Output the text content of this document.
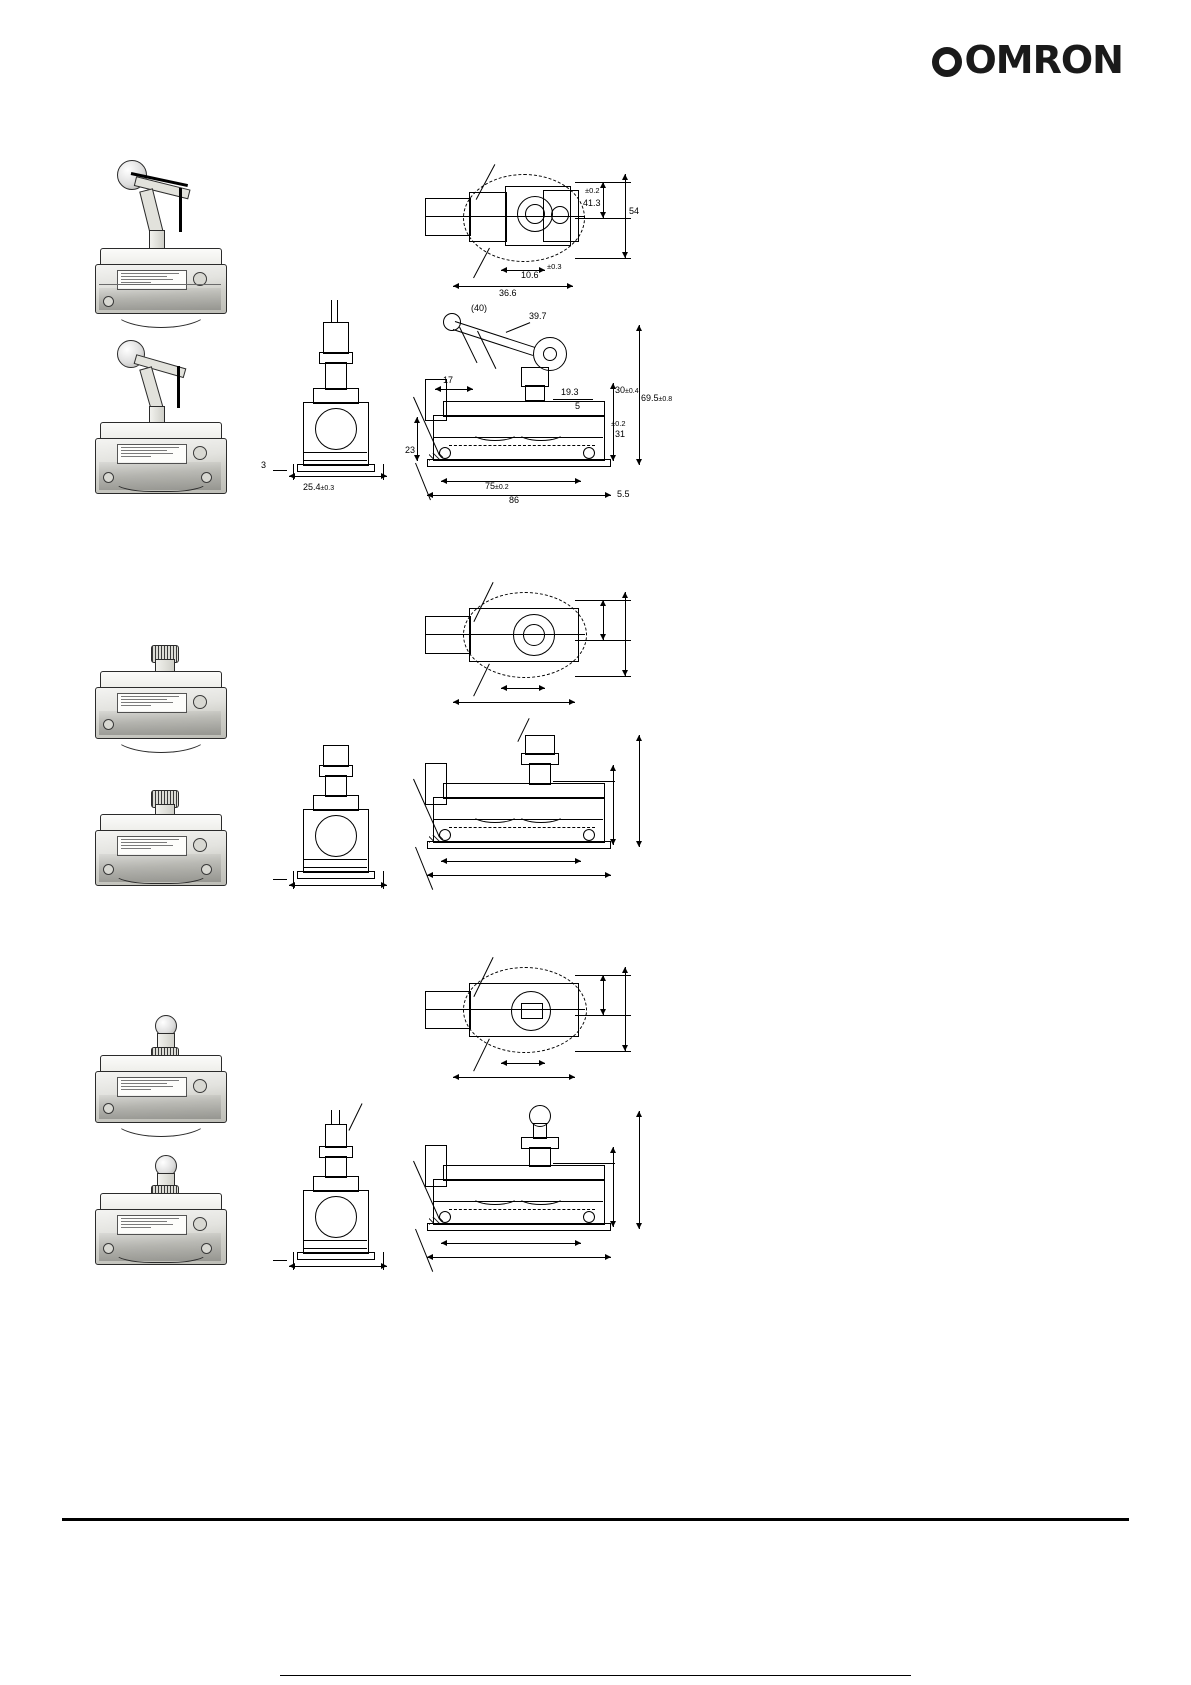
OMRON
3
25.4±0.3
±0.2
41.3
54
±0.3
10.6
36.6
(40)
39.7
17
19.3
5
30±0.4
31
±0.2
69.5±0.8
23
75±0.2
86
5.5
